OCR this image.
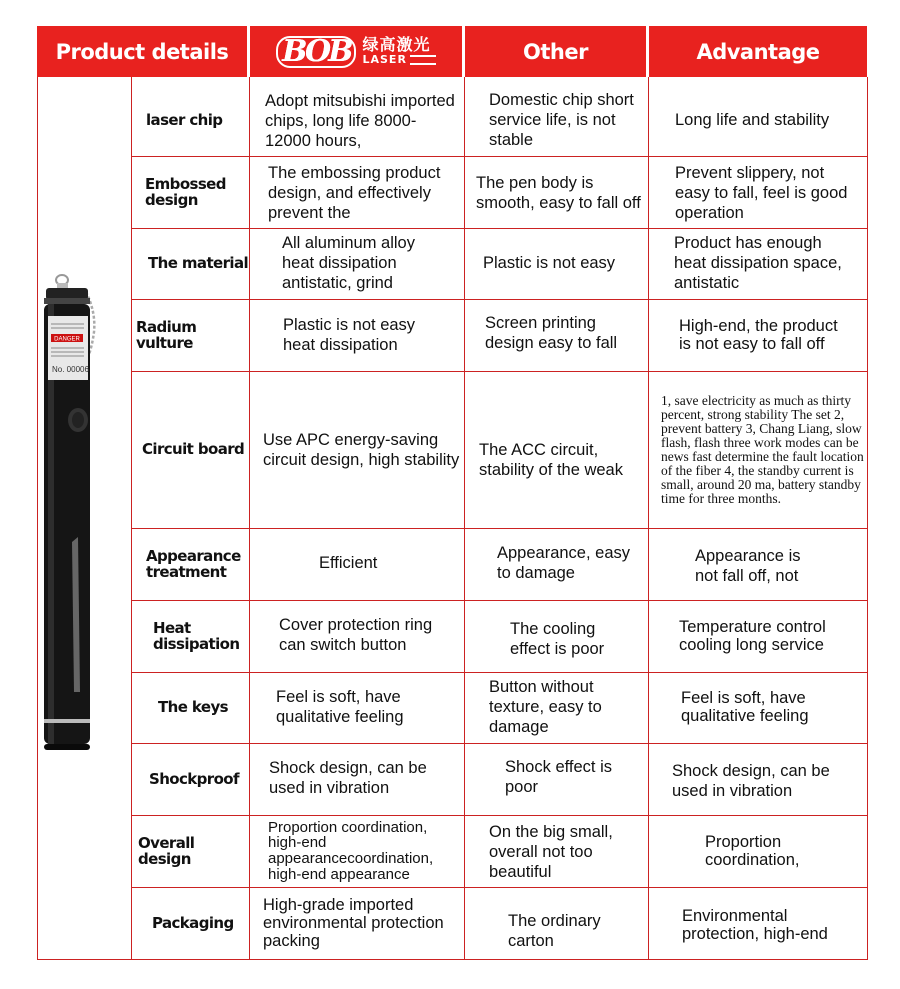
Product details BOB 绿高激光
LASER	Other	Advantage
DANGER
No. 00006
laser chip
Embossed design
The material
Radium vulture
Circuit board
Appearance treatment
Heat dissipation
The keys
Shockproof
Overall design
Packaging
Adopt mitsubishi imported chips, long life 8000-12000 hours,
The embossing product design, and effectively prevent the
All aluminum alloy heat dissipation antistatic, grind
Plastic is not easy heat dissipation
Use APC energy-saving circuit design, high stability
Efficient
Cover protection ring can switch button
Feel is soft, have qualitative feeling
Shock design, can be used in vibration
Proportion coordination, high-end appearancecoordination, high-end appearance
High-grade imported environmental protection packing
Domestic chip short service life, is not stable
The pen body is smooth, easy to fall off
Plastic is not easy
Screen printing design easy to fall
The ACC circuit, stability of the weak
Appearance, easy to damage
The cooling effect is poor
Button without texture, easy to damage
Shock effect is poor
On the big small, overall not too beautiful
The ordinary carton
Long life and stability
Prevent slippery, not easy to fall, feel is good operation
Product has enough heat dissipation space, antistatic
High-end, the product is not easy to fall off
1, save electricity as much as thirty percent, strong stability The set 2, prevent battery 3, Chang Liang, slow flash, flash three work modes can be news fast determine the fault location of the fiber 4, the standby current is small, around 20 ma, battery standby time for three months.
Appearance is not fall off, not
Temperature control cooling long service
Feel is soft, have qualitative feeling
Shock design, can be used in vibration
Proportion coordination,
Environmental protection, high-end
